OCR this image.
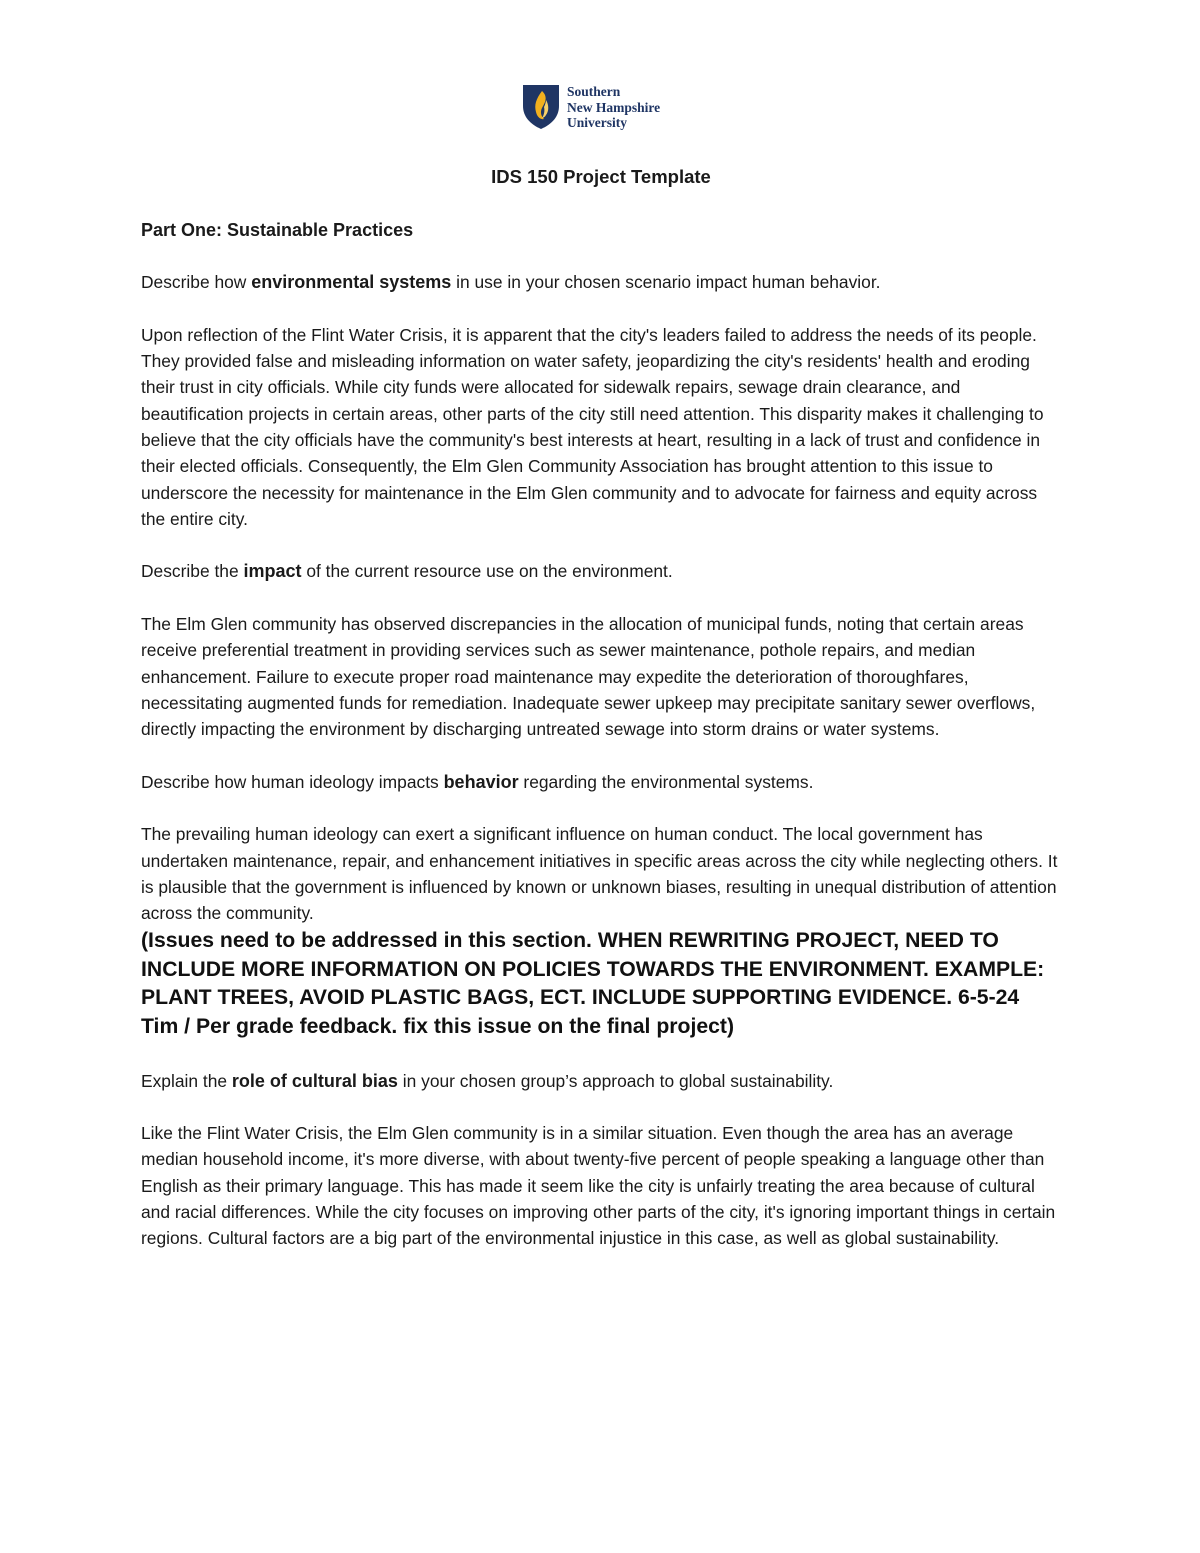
Southern
New Hampshire
University

IDS 150 Project Template

Part One: Sustainable Practices

Describe how environmental systems in use in your chosen scenario impact human behavior.

Upon reflection of the Flint Water Crisis, it is apparent that the city's leaders failed to address the needs of its people. They provided false and misleading information on water safety, jeopardizing the city's residents' health and eroding their trust in city officials. While city funds were allocated for sidewalk repairs, sewage drain clearance, and beautification projects in certain areas, other parts of the city still need attention. This disparity makes it challenging to believe that the city officials have the community's best interests at heart, resulting in a lack of trust and confidence in their elected officials. Consequently, the Elm Glen Community Association has brought attention to this issue to underscore the necessity for maintenance in the Elm Glen community and to advocate for fairness and equity across the entire city.

Describe the impact of the current resource use on the environment.

The Elm Glen community has observed discrepancies in the allocation of municipal funds, noting that certain areas receive preferential treatment in providing services such as sewer maintenance, pothole repairs, and median enhancement. Failure to execute proper road maintenance may expedite the deterioration of thoroughfares, necessitating augmented funds for remediation. Inadequate sewer upkeep may precipitate sanitary sewer overflows, directly impacting the environment by discharging untreated sewage into storm drains or water systems.

Describe how human ideology impacts behavior regarding the environmental systems.

The prevailing human ideology can exert a significant influence on human conduct. The local government has undertaken maintenance, repair, and enhancement initiatives in specific areas across the city while neglecting others. It is plausible that the government is influenced by known or unknown biases, resulting in unequal distribution of attention across the community.

(Issues need to be addressed in this section. WHEN REWRITING PROJECT, NEED TO INCLUDE MORE INFORMATION ON POLICIES TOWARDS THE ENVIRONMENT. EXAMPLE: PLANT TREES, AVOID PLASTIC BAGS, ECT. INCLUDE SUPPORTING EVIDENCE. 6-5-24 Tim / Per grade feedback. fix this issue on the final project)

Explain the role of cultural bias in your chosen group’s approach to global sustainability.

Like the Flint Water Crisis, the Elm Glen community is in a similar situation. Even though the area has an average median household income, it's more diverse, with about twenty-five percent of people speaking a language other than English as their primary language. This has made it seem like the city is unfairly treating the area because of cultural and racial differences. While the city focuses on improving other parts of the city, it's ignoring important things in certain regions. Cultural factors are a big part of the environmental injustice in this case, as well as global sustainability.
